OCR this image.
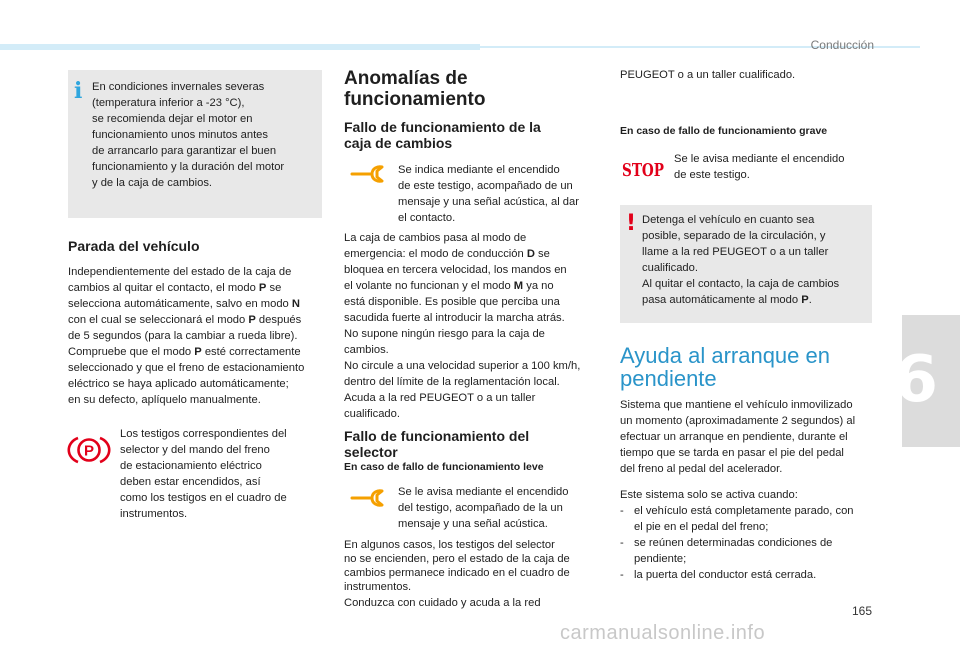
Conducción
i En condiciones invernales severas
(temperatura inferior a -23 °C),
se recomienda dejar el motor en
funcionamiento unos minutos antes
de arrancarlo para garantizar el buen
funcionamiento y la duración del motor
y de la caja de cambios.
Parada del vehículo
Independientemente del estado de la caja de
cambios al quitar el contacto, el modo P se
selecciona automáticamente, salvo en modo N
con el cual se seleccionará el modo P después
de 5 segundos (para la cambiar a rueda libre).
Compruebe que el modo P esté correctamente
seleccionado y que el freno de estacionamiento
eléctrico se haya aplicado automáticamente;
en su defecto, aplíquelo manualmente.
P
Los testigos correspondientes del
selector y del mando del freno
de estacionamiento eléctrico
deben estar encendidos, así
como los testigos en el cuadro de
instrumentos.
Anomalías de
funcionamiento
Fallo de funcionamiento de la
caja de cambios
Se indica mediante el encendido
de este testigo, acompañado de un
mensaje y una señal acústica, al dar
el contacto.
La caja de cambios pasa al modo de
emergencia: el modo de conducción D se
bloquea en tercera velocidad, los mandos en
el volante no funcionan y el modo M ya no
está disponible. Es posible que perciba una
sacudida fuerte al introducir la marcha atrás.
No supone ningún riesgo para la caja de
cambios.
No circule a una velocidad superior a 100 km/h,
dentro del límite de la reglamentación local.
Acuda a la red PEUGEOT o a un taller
cualificado.
Fallo de funcionamiento del
selector
En caso de fallo de funcionamiento leve
Se le avisa mediante el encendido
del testigo, acompañado de la un
mensaje y una señal acústica.
En algunos casos, los testigos del selector
no se encienden, pero el estado de la caja de
cambios permanece indicado en el cuadro de
instrumentos.
Conduzca con cuidado y acuda a la red
PEUGEOT o a un taller cualificado.
En caso de fallo de funcionamiento grave
STOP
Se le avisa mediante el encendido
de este testigo.
! Detenga el vehículo en cuanto sea
posible, separado de la circulación, y
llame a la red PEUGEOT o a un taller
cualificado.
Al quitar el contacto, la caja de cambios
pasa automáticamente al modo P.
Ayuda al arranque en
pendiente
Sistema que mantiene el vehículo inmovilizado
un momento (aproximadamente 2 segundos) al
efectuar un arranque en pendiente, durante el
tiempo que se tarda en pasar el pie del pedal
del freno al pedal del acelerador.
Este sistema solo se activa cuando:
- el vehículo está completamente parado, con
el pie en el pedal del freno;
- se reúnen determinadas condiciones de
pendiente;
- la puerta del conductor está cerrada.
6
165
carmanualsonline.info
